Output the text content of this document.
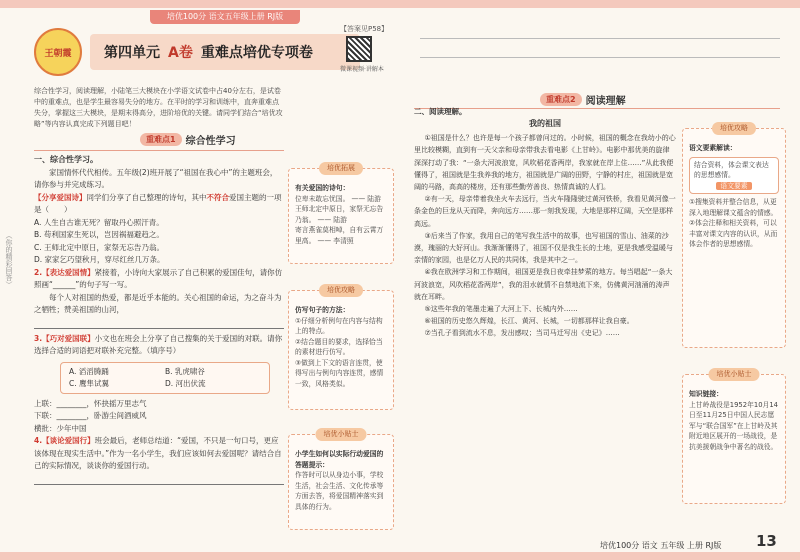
培优100分 语文五年级上册 RJ版
（你的精彩回答）
王朝霞	第四单元 A卷 重难点培优专项卷
【答案见P58】
微课视频·讲解本
综合性学习，阅读理解，小陆笔三大模块在小学语文试卷中占40分左右，是试卷中的重难点，也是学生最容易失分的地方。在平时的学习和训练中，直奔重难点失分，掌握这三大模块，是期末得高分，进阶培优的关键。请同学们结合“培优攻略”等内容认真完成下列题目吧！
重难点1	综合性学习
一、综合性学习。

家国情怀代代相传。五年级(2)班开展了“祖国在我心中”的主题班会，请你参与并完成练习。

【分享爱国诗】同学们分享了自己整理的诗句，其中不符合爱国主题的一项是（　　）

A. 人生自古谁无死？留取丹心照汗青。
B. 苟利国家生死以，岂因祸福避趋之。
C. 王师北定中原日，家祭无忘告乃翁。
D. 家家乞巧望秋月，穿尽红丝几万条。

2.【表达爱国情】紧接着，小诗向大家展示了自己积累的爱国佳句，请你仿照画“______”的句子写一写。

每个人对祖国的热爱，都是近乎本能的。关心祖国的命运，为之奋斗为之牺牲；赞美祖国的山河，

3.【巧对爱国联】小文也在班会上分享了自己搜集的关于爱国的对联。请你选择合适的词语把对联补充完整。（填序号）

A. 滔滔腾踊	B. 乳虎啸谷
C. 鹰隼试翼	D. 河出伏流
上联：________，怀抉摇万里志气
下联：________，卧游尘间酒威风
横批：少年中国

4.【谈论爱国行】班会最后，老师总结道：“爱国，不只是一句口号，更应该体现在现实生活中。”作为一名小学生，我们应该如何去爱国呢？请结合自己的实际情况，谈谈你的爱国行动。

培优拓展
有关爱国的诗句：
位卑未敢忘忧国。 —— 陆游
王师北定中原日，家祭无忘告乃翁。 —— 陆游
寄言燕雀莫相啅，自有云霄万里高。 —— 李清照
培优攻略
仿写句子的方法：
①仔细分析例句在内容与结构上的特点。
②结合题目的要求，选择恰当的素材进行仿写。
③做到上下文的语言连贯，使得写出与例句内容连贯，感情一致，风格类似。
培优小贴士
小学生如何以实际行动爱国的答题提示：
作答时可以从身边小事，学校生活，社会生活、文化传承等方面去答，将爱国精神落实到具体的行为。
重难点2	阅读理解
二、阅读理解。
我的祖国

①祖国是什么？也许是每一个孩子都曾问过的。小时候，祖国的概念在我幼小的心里比较模糊，直到有一天父亲和母亲带我去看电影《上甘岭》。电影中那优美的旋律深深打动了我：“一条大河波浪宽，风吹稻花香两岸，我家就在岸上住……”从此我便懂得了，祖国就是生我养我的地方，祖国就是广阔的田野，宁静的村庄，祖国就是宽阔的马路，高高的楼房，还有那些勤劳善良、热情真诚的人们。

②有一天，母亲带着我坐火车去远行，当火车隆隆驶过黄河铁桥，我看见黄河像一条金色的巨龙从天而降，奔向远方……那一刻我发现，大地是那样辽阔，天空是那样高远。

③后来当了作家，我用自己的笔写我生活中的故事，也写祖国的雪山、油菜的沙漠，瑰丽的大好河山。我渐渐懂得了，祖国不仅是我生长的土地，更是我感受温暖与亲情的家园，也是亿万人民的共同体，我是其中之一。

④我在欧洲学习和工作期间，祖国更是我日夜牵挂梦萦的地方。每当唱起“一条大河波浪宽，风吹稻花香两岸”，我的泪水就情不自禁地流下来，仿佛黄河汹涌的涛声就在耳畔。

⑤这些年我的笔墨走遍了大河上下、长城内外……

⑥祖国的历史悠久辉煌，长江、黄河、长城，一切都那样让我自豪。

⑦当孔子看到流水不息，发出感叹；当司马迁写出《史记》……

培优攻略
语文要素解读：
结合资料，体会课文表达的思想感情。
语文要素
①搜集资料并整合信息，从更深入地理解课文蕴含的情感。
②体会注释和相关资料，可以丰富对课文内容的认识，从而体会作者的思想感情。
培优小贴士
知识链接：
上甘岭战役是1952年10月14日至11月25日中国人民志愿军与“联合国军”在上甘岭及其附近地区展开的一场战役，是抗美援朝战争中著名的战役。
培优100分 语文 五年级 上册 RJ版 13
